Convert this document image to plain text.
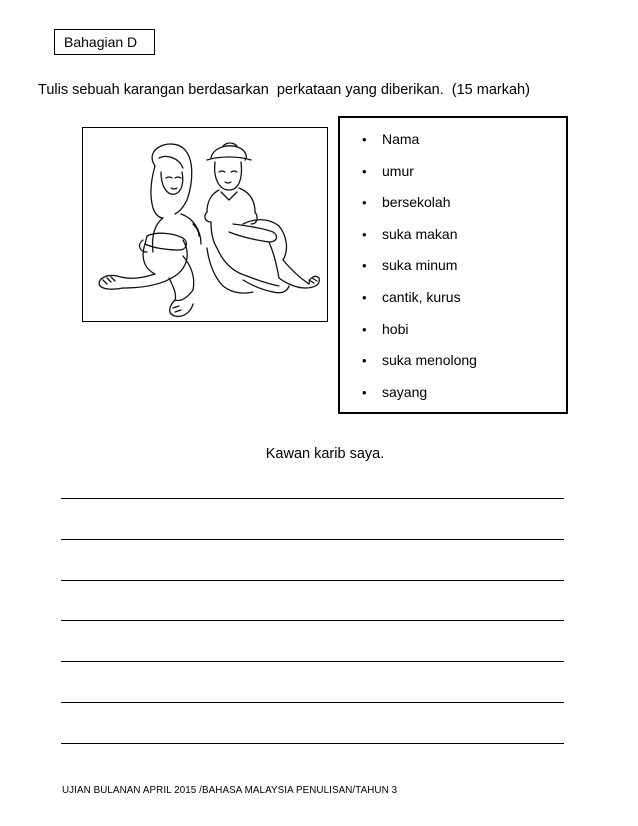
Bahagian D
Tulis sebuah karangan berdasarkan  perkataan yang diberikan.  (15 markah)
•	Nama
•	umur
•	bersekolah
•	suka makan
•	suka minum
•	cantik, kurus
•	hobi
•	suka menolong
•	sayang
Kawan karib saya.
UJIAN BULANAN APRIL 2015 /BAHASA MALAYSIA PENULISAN/TAHUN 3
